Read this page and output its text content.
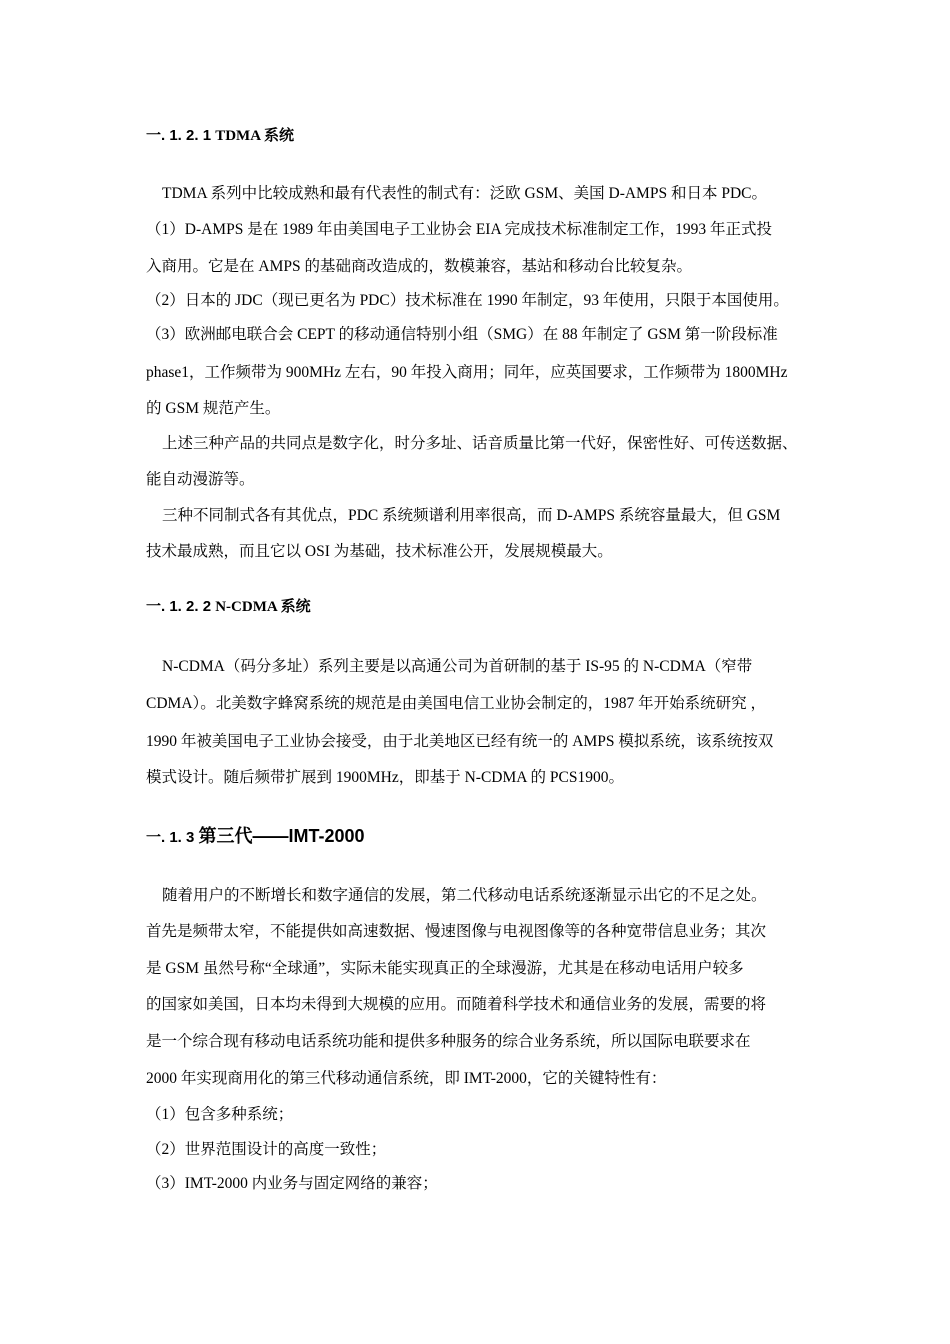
一. 1. 2. 1 TDMA 系统
TDMA 系列中比较成熟和最有代表性的制式有：泛欧 GSM、美国 D-AMPS 和日本 PDC。
（1）D-AMPS 是在 1989 年由美国电子工业协会 EIA 完成技术标准制定工作，1993 年正式投
入商用。它是在 AMPS 的基础商改造成的，数模兼容，基站和移动台比较复杂。
（2）日本的 JDC（现已更名为 PDC）技术标准在 1990 年制定，93 年使用，只限于本国使用。
（3）欧洲邮电联合会 CEPT 的移动通信特别小组（SMG）在 88 年制定了 GSM 第一阶段标准
phase1，工作频带为 900MHz 左右，90 年投入商用；同年，应英国要求，工作频带为 1800MHz
的 GSM 规范产生。
上述三种产品的共同点是数字化，时分多址、话音质量比第一代好，保密性好、可传送数据、
能自动漫游等。
三种不同制式各有其优点，PDC 系统频谱利用率很高，而 D-AMPS 系统容量最大，但 GSM
技术最成熟，而且它以 OSI 为基础，技术标准公开，发展规模最大。
一. 1. 2. 2 N-CDMA 系统
N-CDMA（码分多址）系列主要是以高通公司为首研制的基于 IS-95 的 N-CDMA（窄带
CDMA）。北美数字蜂窝系统的规范是由美国电信工业协会制定的，1987 年开始系统研究 ，
1990 年被美国电子工业协会接受，由于北美地区已经有统一的 AMPS 模拟系统，该系统按双
模式设计。随后频带扩展到 1900MHz，即基于 N-CDMA 的 PCS1900。
一. 1. 3 第三代——IMT-2000
随着用户的不断增长和数字通信的发展，第二代移动电话系统逐渐显示出它的不足之处。
首先是频带太窄，不能提供如高速数据、慢速图像与电视图像等的各种宽带信息业务；其次
是 GSM 虽然号称“全球通”，实际未能实现真正的全球漫游，尤其是在移动电话用户较多
的国家如美国，日本均未得到大规模的应用。而随着科学技术和通信业务的发展，需要的将
是一个综合现有移动电话系统功能和提供多种服务的综合业务系统，所以国际电联要求在
2000 年实现商用化的第三代移动通信系统，即 IMT-2000，它的关键特性有：
（1）包含多种系统；
（2）世界范围设计的高度一致性；
（3）IMT-2000 内业务与固定网络的兼容；
